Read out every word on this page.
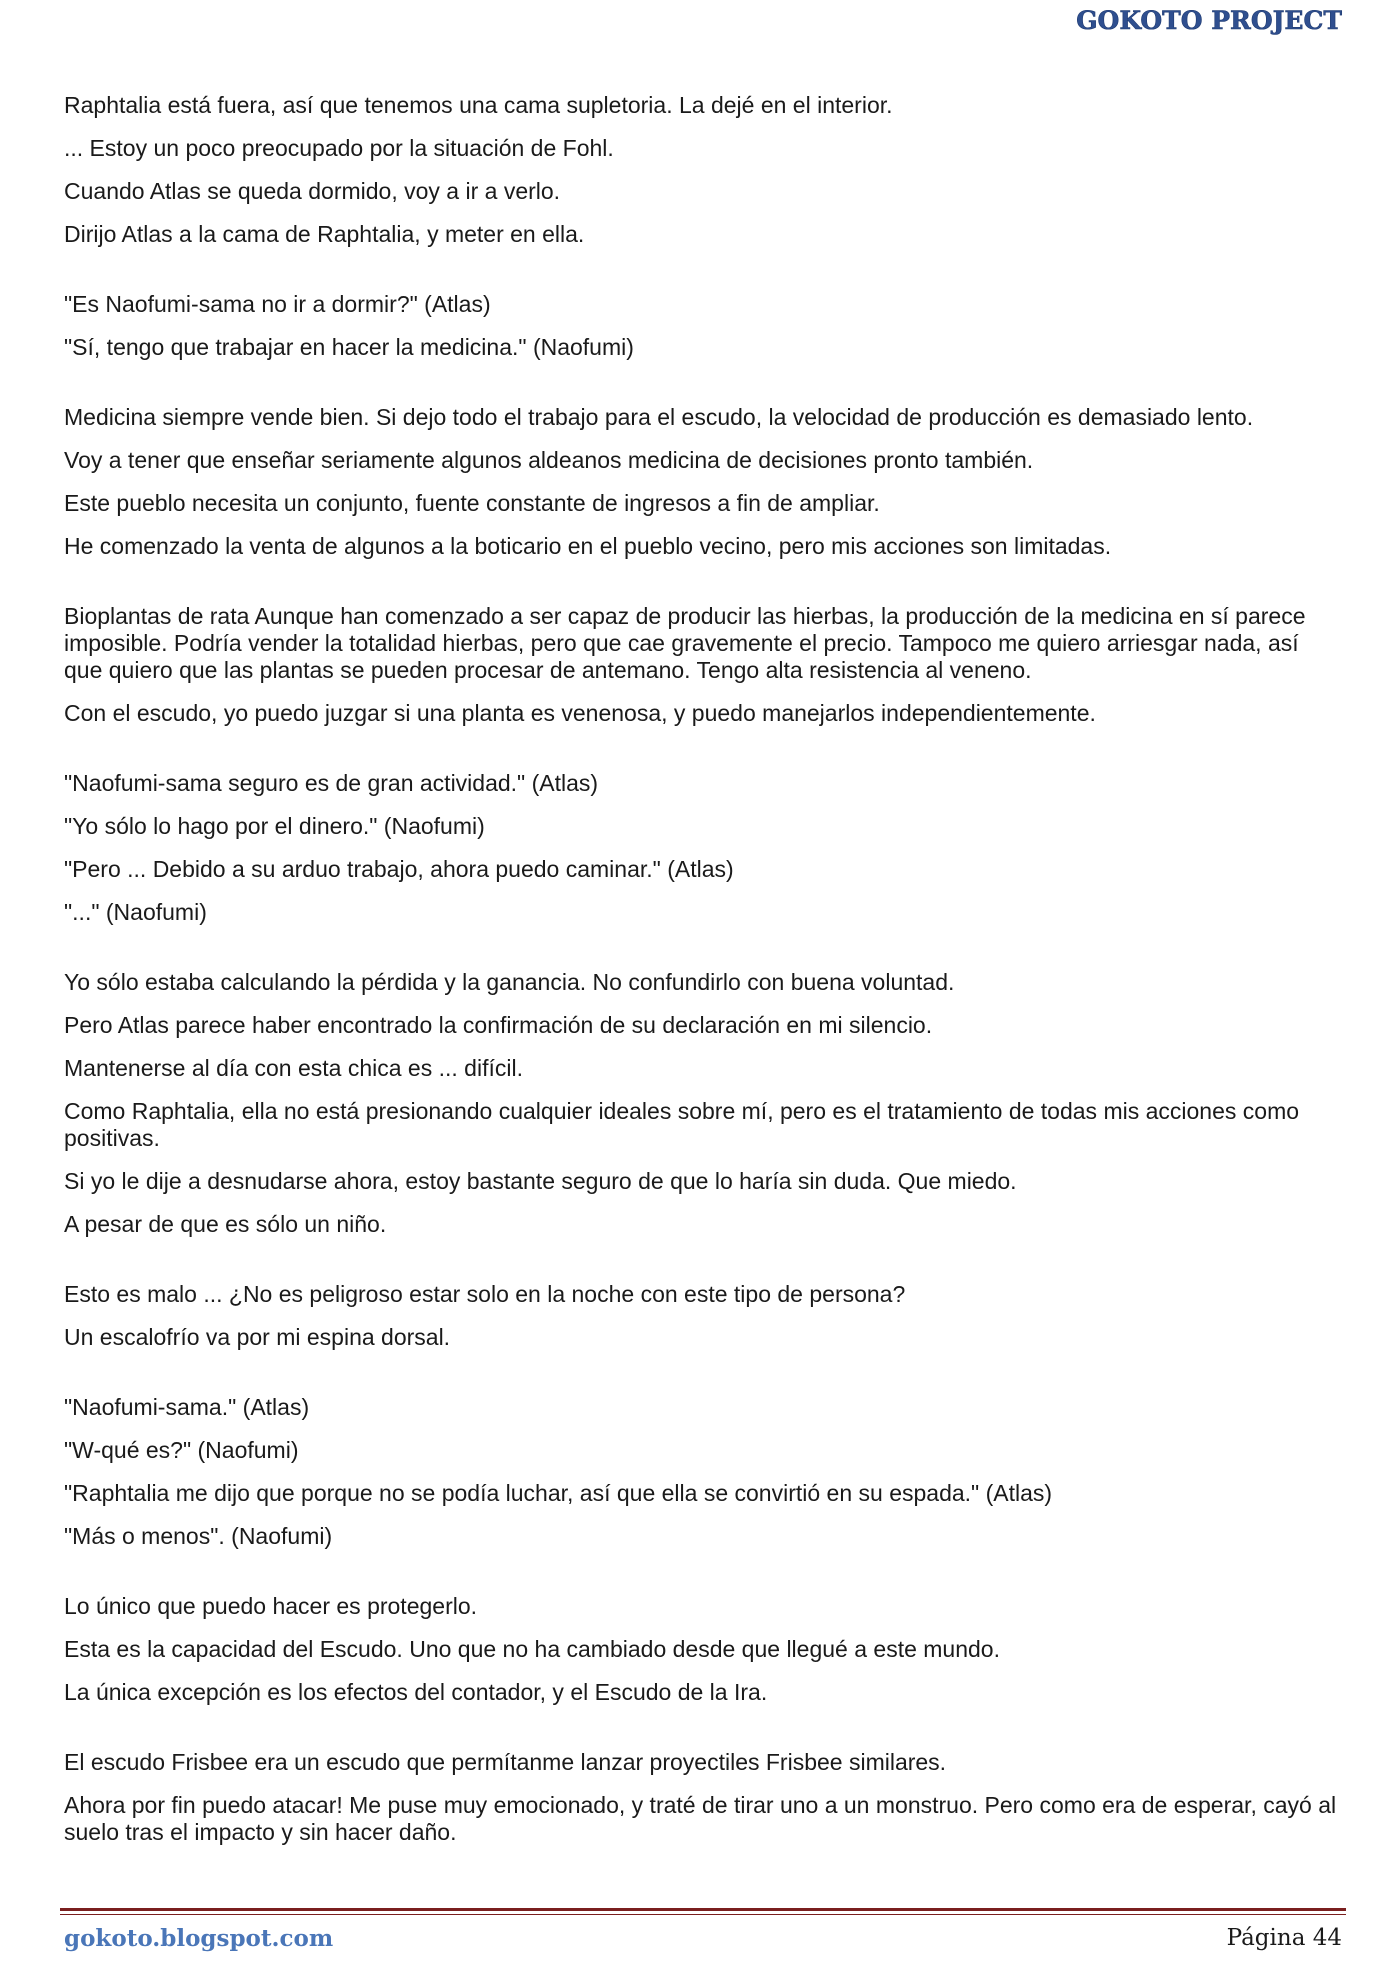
GOKOTO PROJECT
Raphtalia está fuera, así que tenemos una cama supletoria. La dejé en el interior.
... Estoy un poco preocupado por la situación de Fohl.
Cuando Atlas se queda dormido, voy a ir a verlo.
Dirijo Atlas a la cama de Raphtalia, y meter en ella.
"Es Naofumi-sama no ir a dormir?" (Atlas)
"Sí, tengo que trabajar en hacer la medicina." (Naofumi)
Medicina siempre vende bien. Si dejo todo el trabajo para el escudo, la velocidad de producción es demasiado lento.
Voy a tener que enseñar seriamente algunos aldeanos medicina de decisiones pronto también.
Este pueblo necesita un conjunto, fuente constante de ingresos a fin de ampliar.
He comenzado la venta de algunos a la boticario en el pueblo vecino, pero mis acciones son limitadas.
Bioplantas de rata Aunque han comenzado a ser capaz de producir las hierbas, la producción de la medicina en sí parece imposible. Podría vender la totalidad hierbas, pero que cae gravemente el precio. Tampoco me quiero arriesgar nada, así que quiero que las plantas se pueden procesar de antemano. Tengo alta resistencia al veneno.
Con el escudo, yo puedo juzgar si una planta es venenosa, y puedo manejarlos independientemente.
"Naofumi-sama seguro es de gran actividad." (Atlas)
"Yo sólo lo hago por el dinero." (Naofumi)
"Pero ... Debido a su arduo trabajo, ahora puedo caminar." (Atlas)
"..." (Naofumi)
Yo sólo estaba calculando la pérdida y la ganancia. No confundirlo con buena voluntad.
Pero Atlas parece haber encontrado la confirmación de su declaración en mi silencio.
Mantenerse al día con esta chica es ... difícil.
Como Raphtalia, ella no está presionando cualquier ideales sobre mí, pero es el tratamiento de todas mis acciones como positivas.
Si yo le dije a desnudarse ahora, estoy bastante seguro de que lo haría sin duda. Que miedo.
A pesar de que es sólo un niño.
Esto es malo ... ¿No es peligroso estar solo en la noche con este tipo de persona?
Un escalofrío va por mi espina dorsal.
"Naofumi-sama." (Atlas)
"W-qué es?" (Naofumi)
"Raphtalia me dijo que porque no se podía luchar, así que ella se convirtió en su espada." (Atlas)
"Más o menos". (Naofumi)
Lo único que puedo hacer es protegerlo.
Esta es la capacidad del Escudo. Uno que no ha cambiado desde que llegué a este mundo.
La única excepción es los efectos del contador, y el Escudo de la Ira.
El escudo Frisbee era un escudo que permítanme lanzar proyectiles Frisbee similares.
Ahora por fin puedo atacar! Me puse muy emocionado, y traté de tirar uno a un monstruo. Pero como era de esperar, cayó al suelo tras el impacto y sin hacer daño.
gokoto.blogspot.com	Página 44
